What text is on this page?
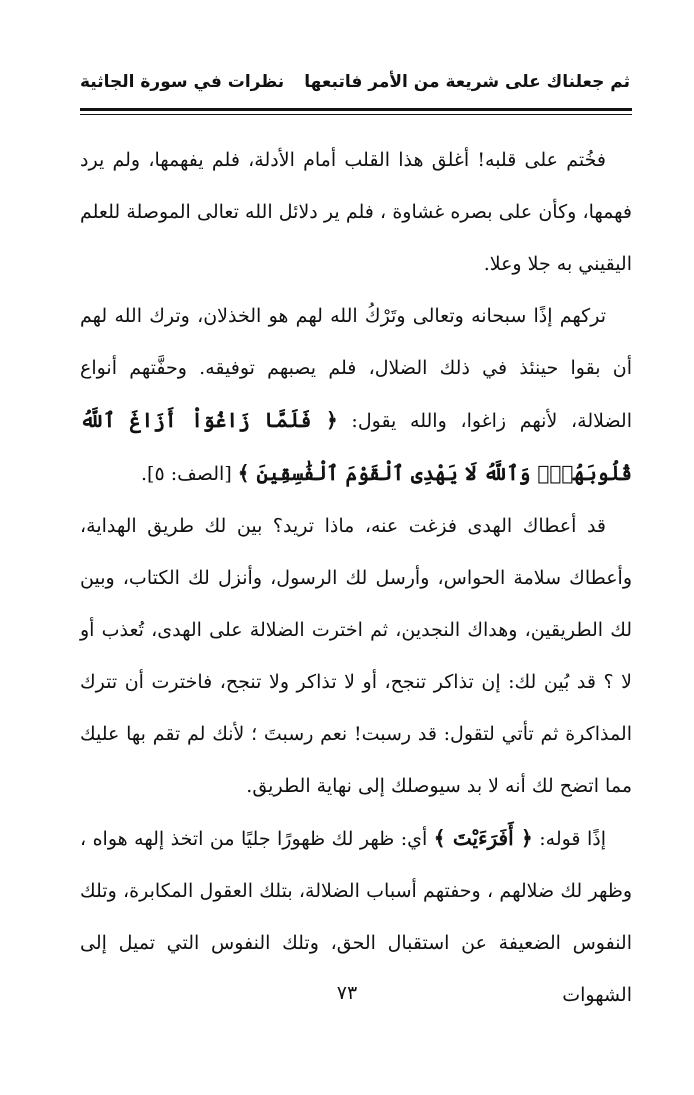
ثم جعلناك على شريعة من الأمر فاتبعها
نظرات في سورة الجاثية

فخُتم على قلبه! أغلق هذا القلب أمام الأدلة، فلم يفهمها، ولم يرد فهمها، وكأن على بصره غشاوة ، فلم ير دلائل الله تعالى الموصلة للعلم اليقيني به جلا وعلا.

تركهم إذًا سبحانه وتعالى وتَرْكُ الله لهم هو الخذلان، وترك الله لهم أن بقوا حينئذ في ذلك الضلال، فلم يصبهم توفيقه. وحفَّتهم أنواع الضلالة، لأنهم زاغوا، والله يقول: ﴿ فَلَمَّا زَاغُوٓاْ أَزَاغَ ٱللَّهُ قُلُوبَهُمْۚ وَٱللَّهُ لَا يَهْدِى ٱلْقَوْمَ ٱلْفَٰسِقِينَ ﴾ [الصف: ٥].

قد أعطاك الهدى فزغت عنه، ماذا تريد؟ بين لك طريق الهداية، وأعطاك سلامة الحواس، وأرسل لك الرسول، وأنزل لك الكتاب، وبين لك الطريقين، وهداك النجدين، ثم اخترت الضلالة على الهدى، تُعذب أو لا ؟ قد بُين لك: إن تذاكر تنجح، أو لا تذاكر ولا تنجح، فاخترت أن تترك المذاكرة ثم تأتي لتقول: قد رسبت! نعم رسبتَ ؛ لأنك لم تقم بها عليك مما اتضح لك أنه لا بد سيوصلك إلى نهاية الطريق.

إذًا قوله: ﴿ أَفَرَءَيْتَ ﴾ أي: ظهر لك ظهورًا جليًا من اتخذ إلهه هواه ، وظهر لك ضلالهم ، وحفتهم أسباب الضلالة، بتلك العقول المكابرة، وتلك النفوس الضعيفة عن استقبال الحق، وتلك النفوس التي تميل إلى الشهوات

٧٣
